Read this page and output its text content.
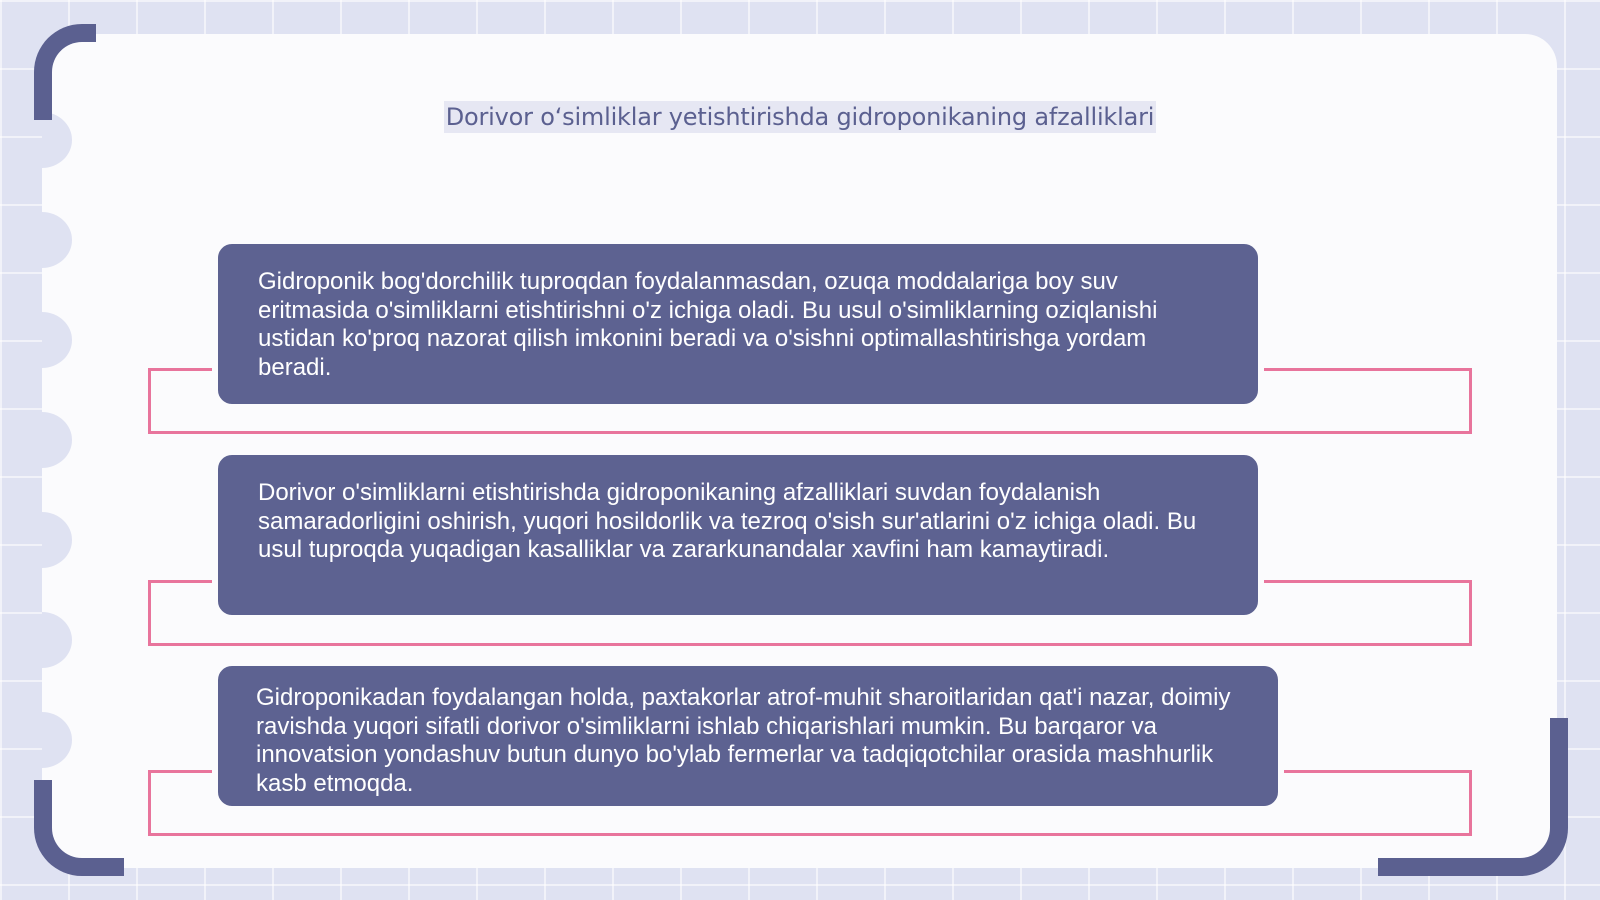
Dorivor o‘simliklar yetishtirishda gidroponikaning afzalliklari

Gidroponik bog'dorchilik tuproqdan foydalanmasdan, ozuqa moddalariga boy suv eritmasida o'simliklarni etishtirishni o'z ichiga oladi. Bu usul o'simliklarning oziqlanishi ustidan ko'proq nazorat qilish imkonini beradi va o'sishni optimallashtirishga yordam beradi.

Dorivor o'simliklarni etishtirishda gidroponikaning afzalliklari suvdan foydalanish samaradorligini oshirish, yuqori hosildorlik va tezroq o'sish sur'atlarini o'z ichiga oladi. Bu usul tuproqda yuqadigan kasalliklar va zararkunandalar xavfini ham kamaytiradi.

Gidroponikadan foydalangan holda, paxtakorlar atrof-muhit sharoitlaridan qat'i nazar, doimiy ravishda yuqori sifatli dorivor o'simliklarni ishlab chiqarishlari mumkin. Bu barqaror va innovatsion yondashuv butun dunyo bo'ylab fermerlar va tadqiqotchilar orasida mashhurlik kasb etmoqda.
